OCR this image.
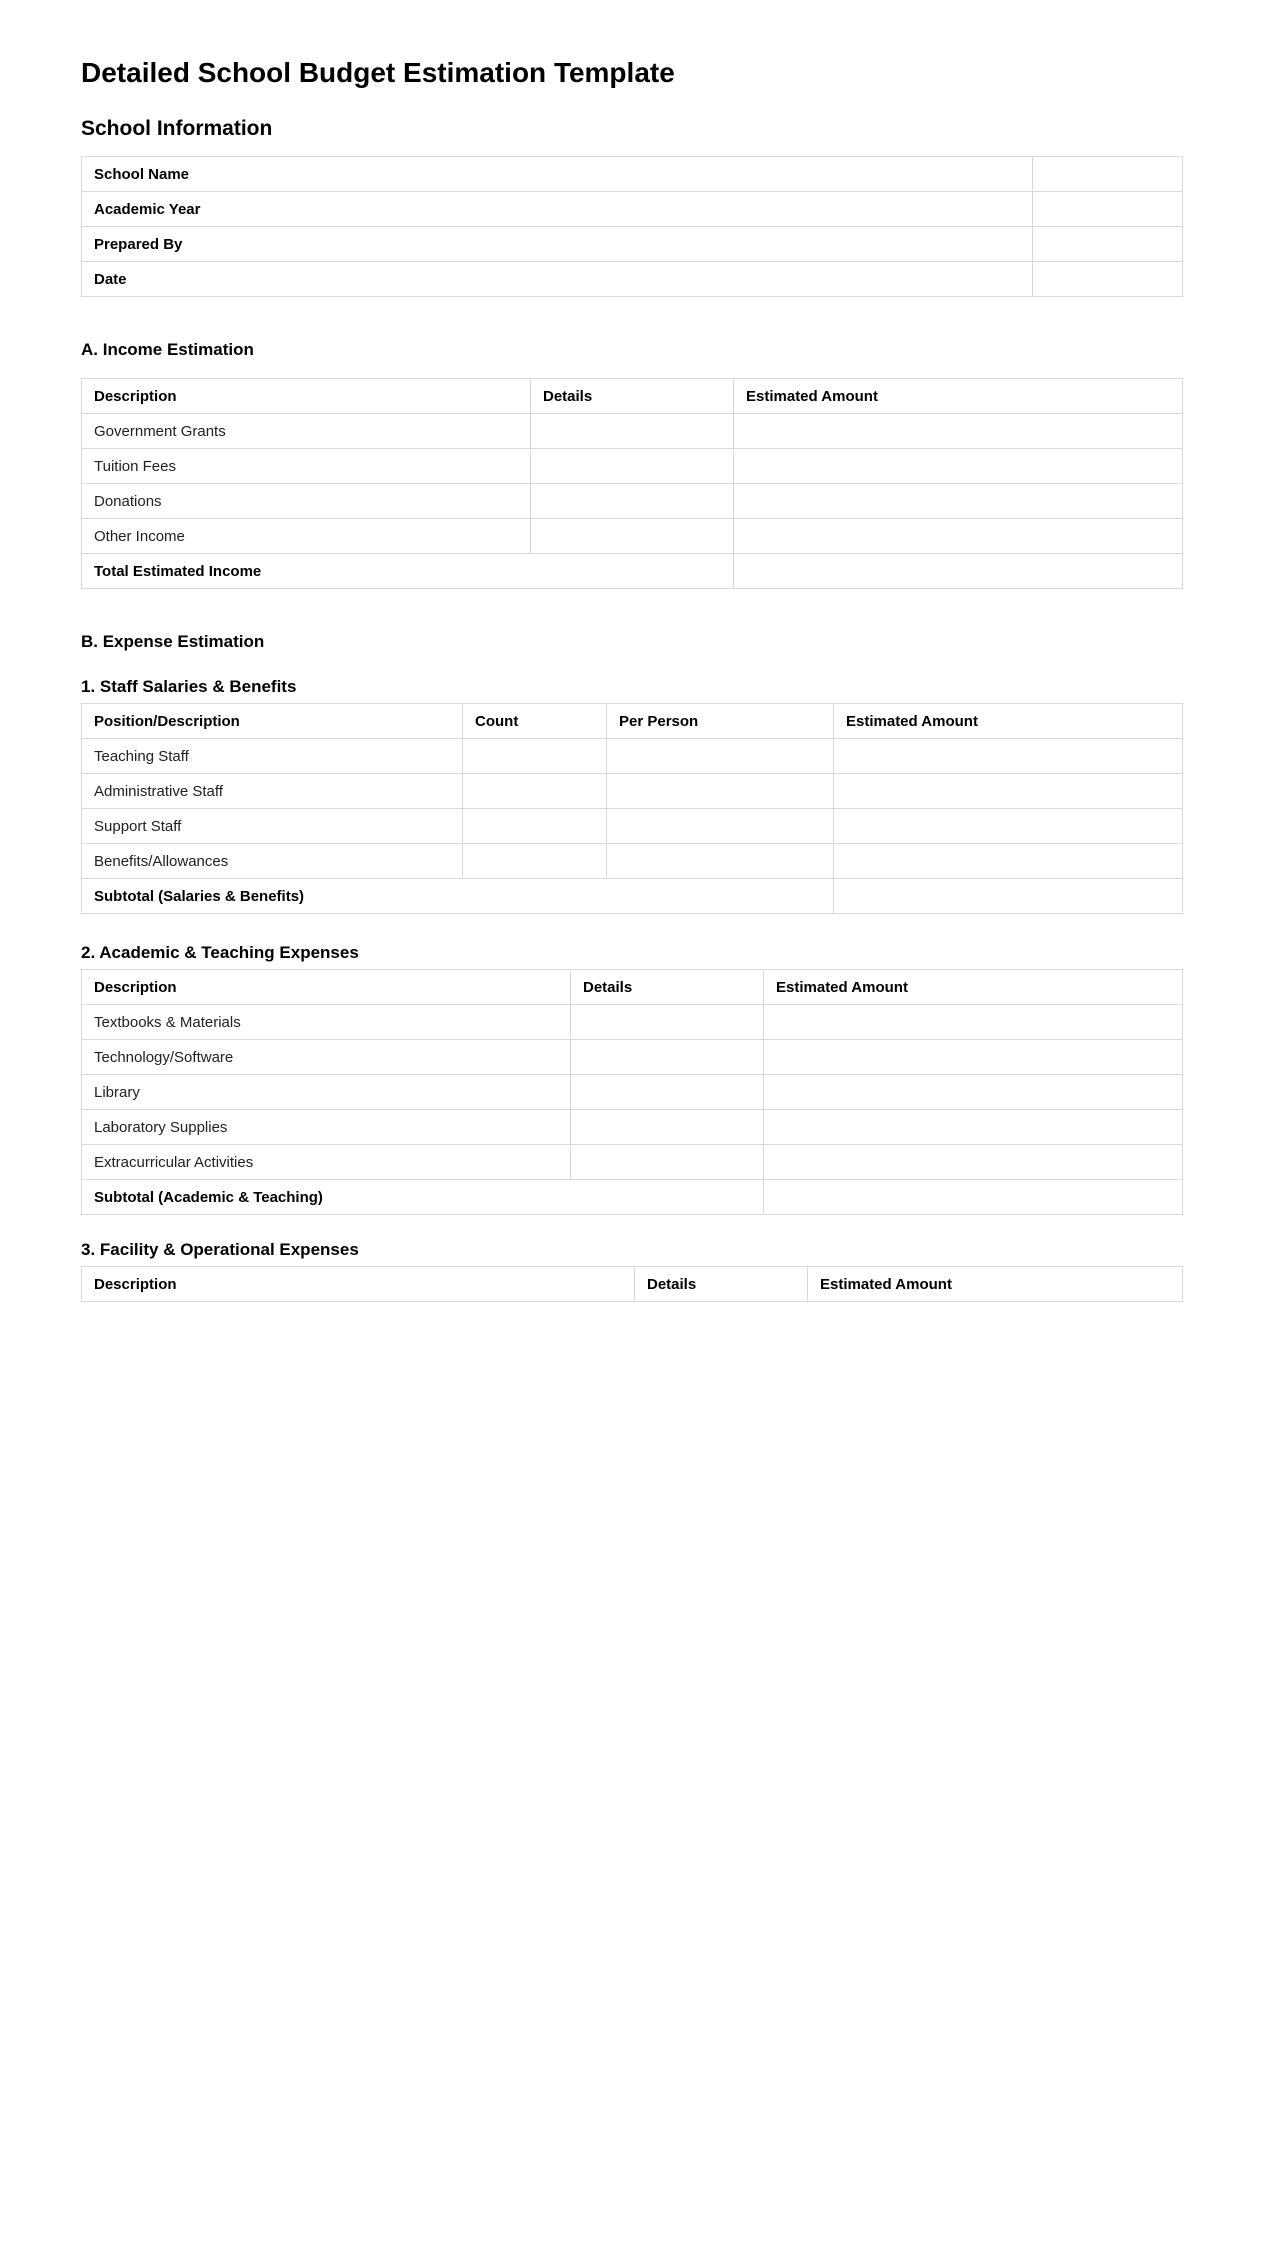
Detailed School Budget Estimation Template
School Information
School Name	
Academic Year	
Prepared By	
Date	
A. Income Estimation
Description	Details	Estimated Amount
Government Grants		
Tuition Fees		
Donations		
Other Income		
Total Estimated Income		
B. Expense Estimation
1. Staff Salaries & Benefits
Position/Description	Count	Per Person	Estimated Amount
Teaching Staff			
Administrative Staff			
Support Staff			
Benefits/Allowances			
Subtotal (Salaries & Benefits)			
2. Academic & Teaching Expenses
Description	Details	Estimated Amount
Textbooks & Materials		
Technology/Software		
Library		
Laboratory Supplies		
Extracurricular Activities		
Subtotal (Academic & Teaching)		
3. Facility & Operational Expenses
Description	Details	Estimated Amount
